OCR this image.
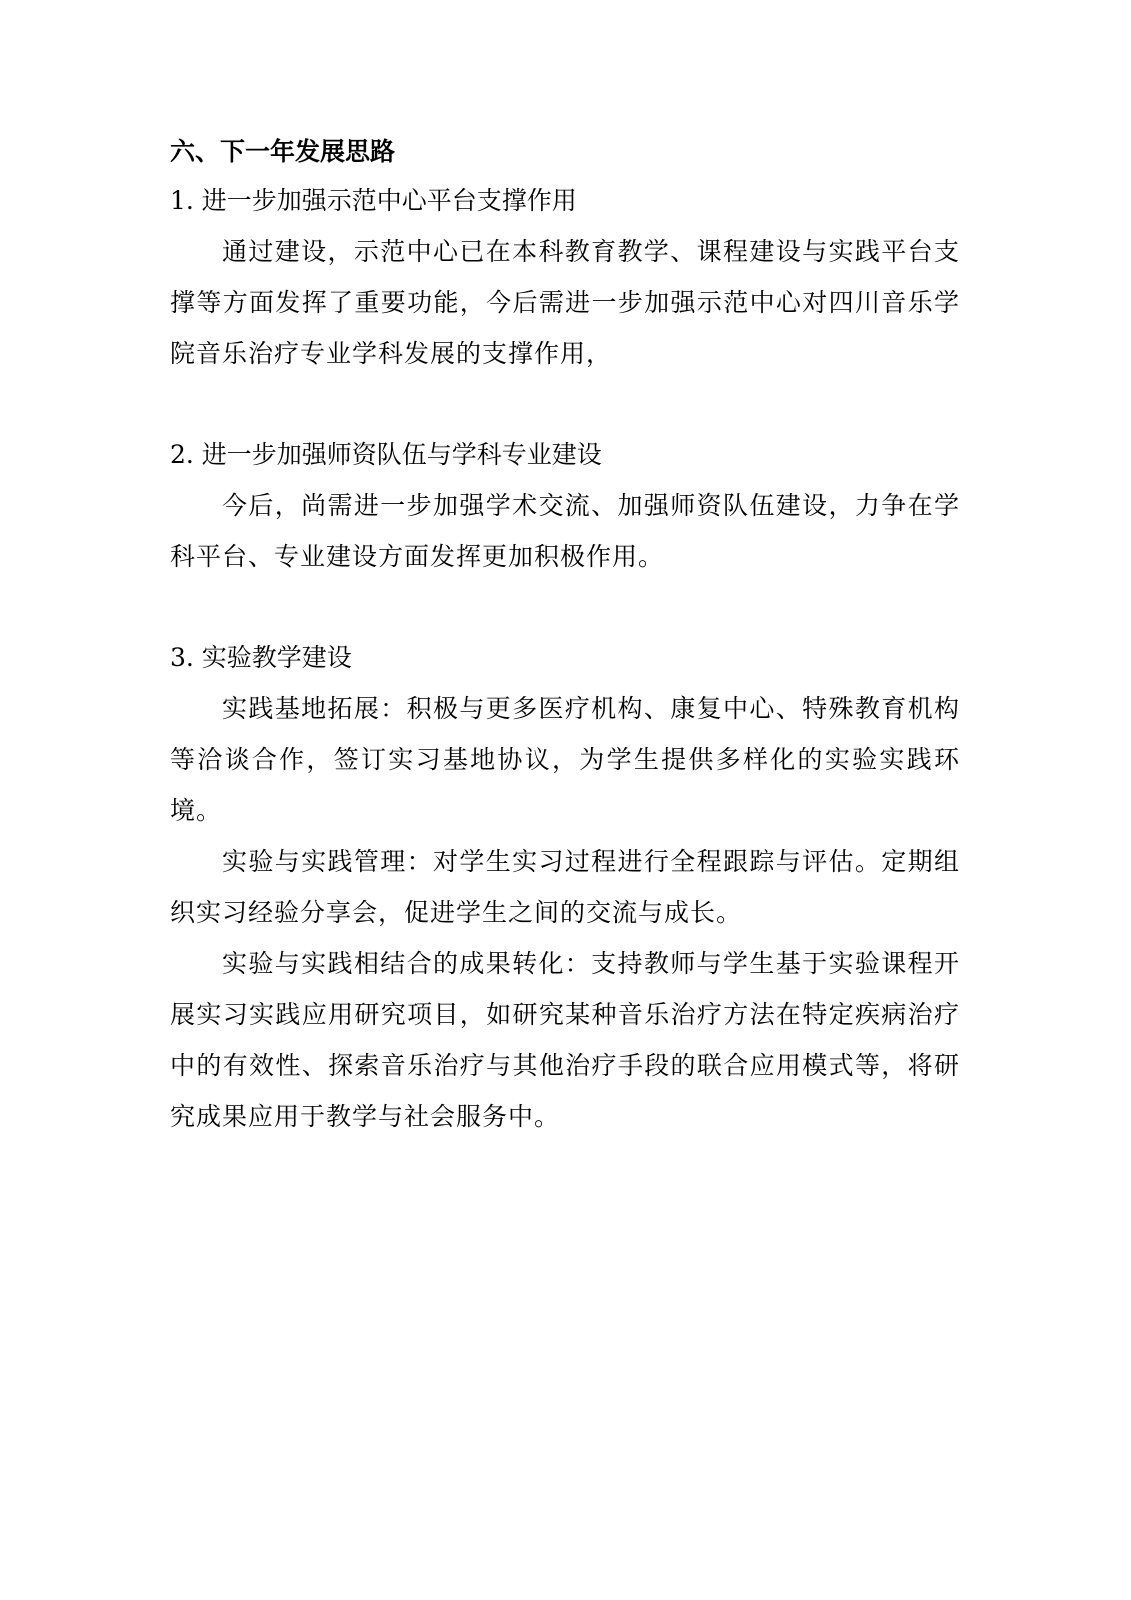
六、下一年发展思路
1. 进一步加强示范中心平台支撑作用

通过建设，示范中心已在本科教育教学、课程建设与实践平台支撑等方面发挥了重要功能，今后需进一步加强示范中心对四川音乐学院音乐治疗专业学科发展的支撑作用，

2. 进一步加强师资队伍与学科专业建设

今后，尚需进一步加强学术交流、加强师资队伍建设，力争在学科平台、专业建设方面发挥更加积极作用。

3. 实验教学建设

实践基地拓展：积极与更多医疗机构、康复中心、特殊教育机构等洽谈合作，签订实习基地协议，为学生提供多样化的实验实践环境。

实验与实践管理：对学生实习过程进行全程跟踪与评估。定期组织实习经验分享会，促进学生之间的交流与成长。

实验与实践相结合的成果转化：支持教师与学生基于实验课程开展实习实践应用研究项目，如研究某种音乐治疗方法在特定疾病治疗中的有效性、探索音乐治疗与其他治疗手段的联合应用模式等，将研究成果应用于教学与社会服务中。
